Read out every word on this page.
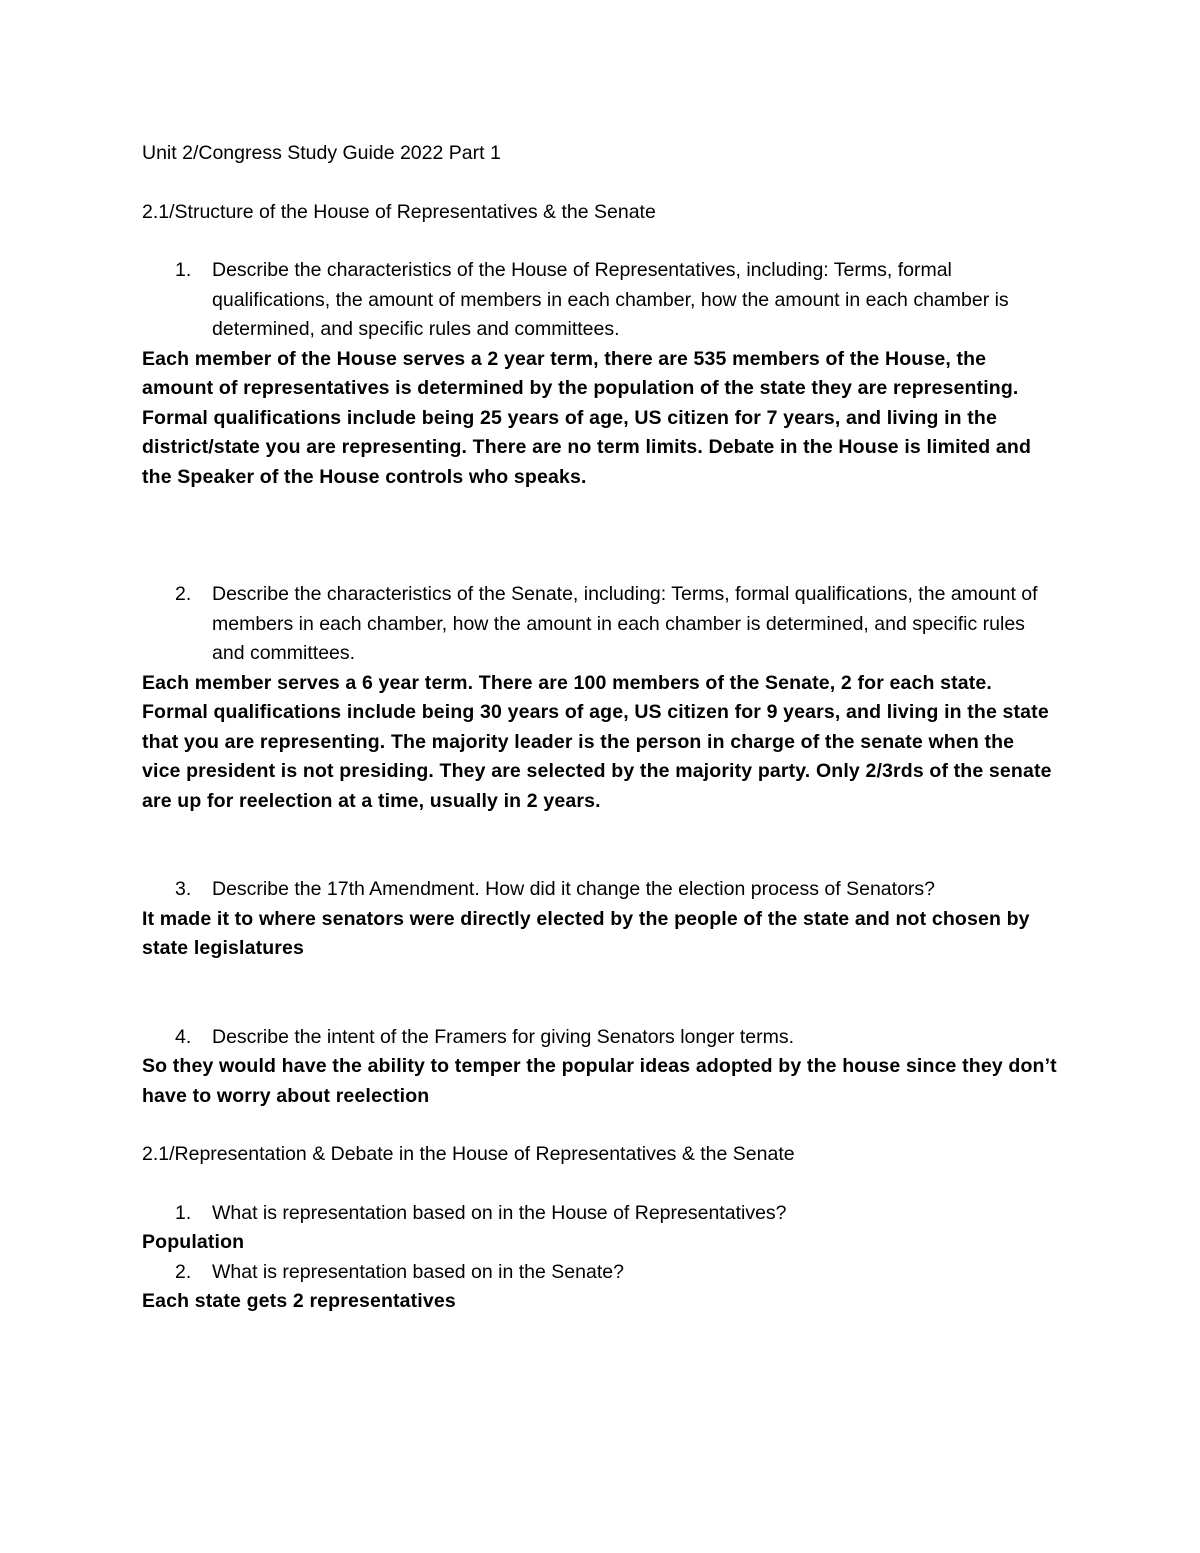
Unit 2/Congress Study Guide 2022 Part 1

2.1/Structure of the House of Representatives & the Senate

1.	Describe the characteristics of the House of Representatives, including: Terms, formal qualifications, the amount of members in each chamber, how the amount in each chamber is determined, and specific rules and committees.
Each member of the House serves a 2 year term, there are 535 members of the House, the amount of representatives is determined by the population of the state they are representing. Formal qualifications include being 25 years of age, US citizen for 7 years, and living in the district/state you are representing. There are no term limits. Debate in the House is limited and the Speaker of the House controls who speaks.
2.	Describe the characteristics of the Senate, including: Terms, formal qualifications, the amount of members in each chamber, how the amount in each chamber is determined, and specific rules and committees.
Each member serves a 6 year term. There are 100 members of the Senate, 2 for each state. Formal qualifications include being 30 years of age, US citizen for 9 years, and living in the state that you are representing. The majority leader is the person in charge of the senate when the vice president is not presiding. They are selected by the majority party. Only 2/3rds of the senate are up for reelection at a time, usually in 2 years.
3.	Describe the 17th Amendment. How did it change the election process of Senators?
It made it to where senators were directly elected by the people of the state and not chosen by state legislatures
4.	Describe the intent of the Framers for giving Senators longer terms.
So they would have the ability to temper the popular ideas adopted by the house since they don’t have to worry about reelection

2.1/Representation & Debate in the House of Representatives & the Senate

1.	What is representation based on in the House of Representatives?
Population
2.	What is representation based on in the Senate?
Each state gets 2 representatives
